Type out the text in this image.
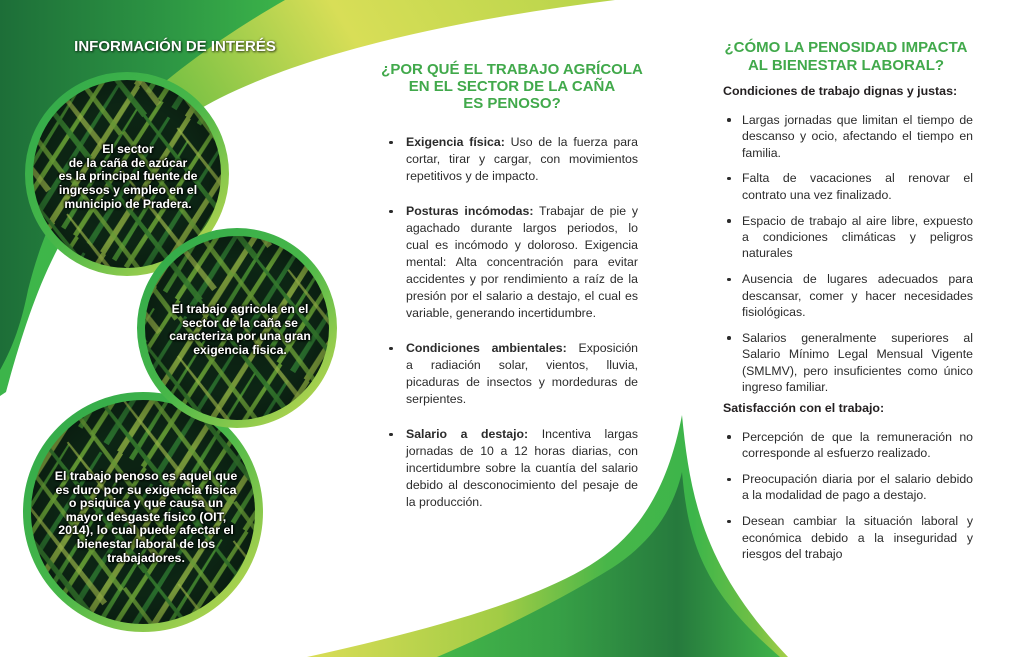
INFORMACIÓN DE INTERÉS
El sector
de la caña de azúcar
es la principal fuente de
ingresos y empleo en el
municipio de Pradera.
El trabajo agricola en el
sector de la caña se
caracteriza por una gran
exigencia fisica.
El trabajo penoso es aquel que
es duro por su exigencia fisica
o psiquica y que causa un
mayor desgaste fisico (OIT,
2014), lo cual puede afectar el
bienestar laboral de los
trabajadores.
¿POR QUÉ EL TRABAJO AGRÍCOLA
EN EL SECTOR DE LA CAÑA
ES PENOSO?
Exigencia física: Uso de la fuerza para
cortar, tirar y cargar, con movimientos
repetitivos y de impacto.
Posturas incómodas: Trabajar de pie y
agachado durante largos periodos, lo
cual es incómodo y doloroso. Exigencia
mental: Alta concentración para evitar
accidentes y por rendimiento a raíz de la
presión por el salario a destajo, el cual es
variable, generando incertidumbre.
Condiciones ambientales: Exposición
a radiación solar, vientos, lluvia,
picaduras de insectos y mordeduras de
serpientes.
Salario a destajo: Incentiva largas
jornadas de 10 a 12 horas diarias, con
incertidumbre sobre la cuantía del salario
debido al desconocimiento del pesaje de
la producción.
¿CÓMO LA PENOSIDAD IMPACTA
AL BIENESTAR LABORAL?
Condiciones de trabajo dignas y justas:
Largas jornadas que limitan el tiempo de
descanso y ocio, afectando el tiempo en
familia.
Falta de vacaciones al renovar el
contrato una vez finalizado.
Espacio de trabajo al aire libre, expuesto
a condiciones climáticas y peligros
naturales
Ausencia de lugares adecuados para
descansar, comer y hacer necesidades
fisiológicas.
Salarios generalmente superiores al
Salario Mínimo Legal Mensual Vigente
(SMLMV), pero insuficientes como único
ingreso familiar.
Satisfacción con el trabajo:
Percepción de que la remuneración no
corresponde al esfuerzo realizado.
Preocupación diaria por el salario debido
a la modalidad de pago a destajo.
Desean cambiar la situación laboral y
económica debido a la inseguridad y
riesgos del trabajo
